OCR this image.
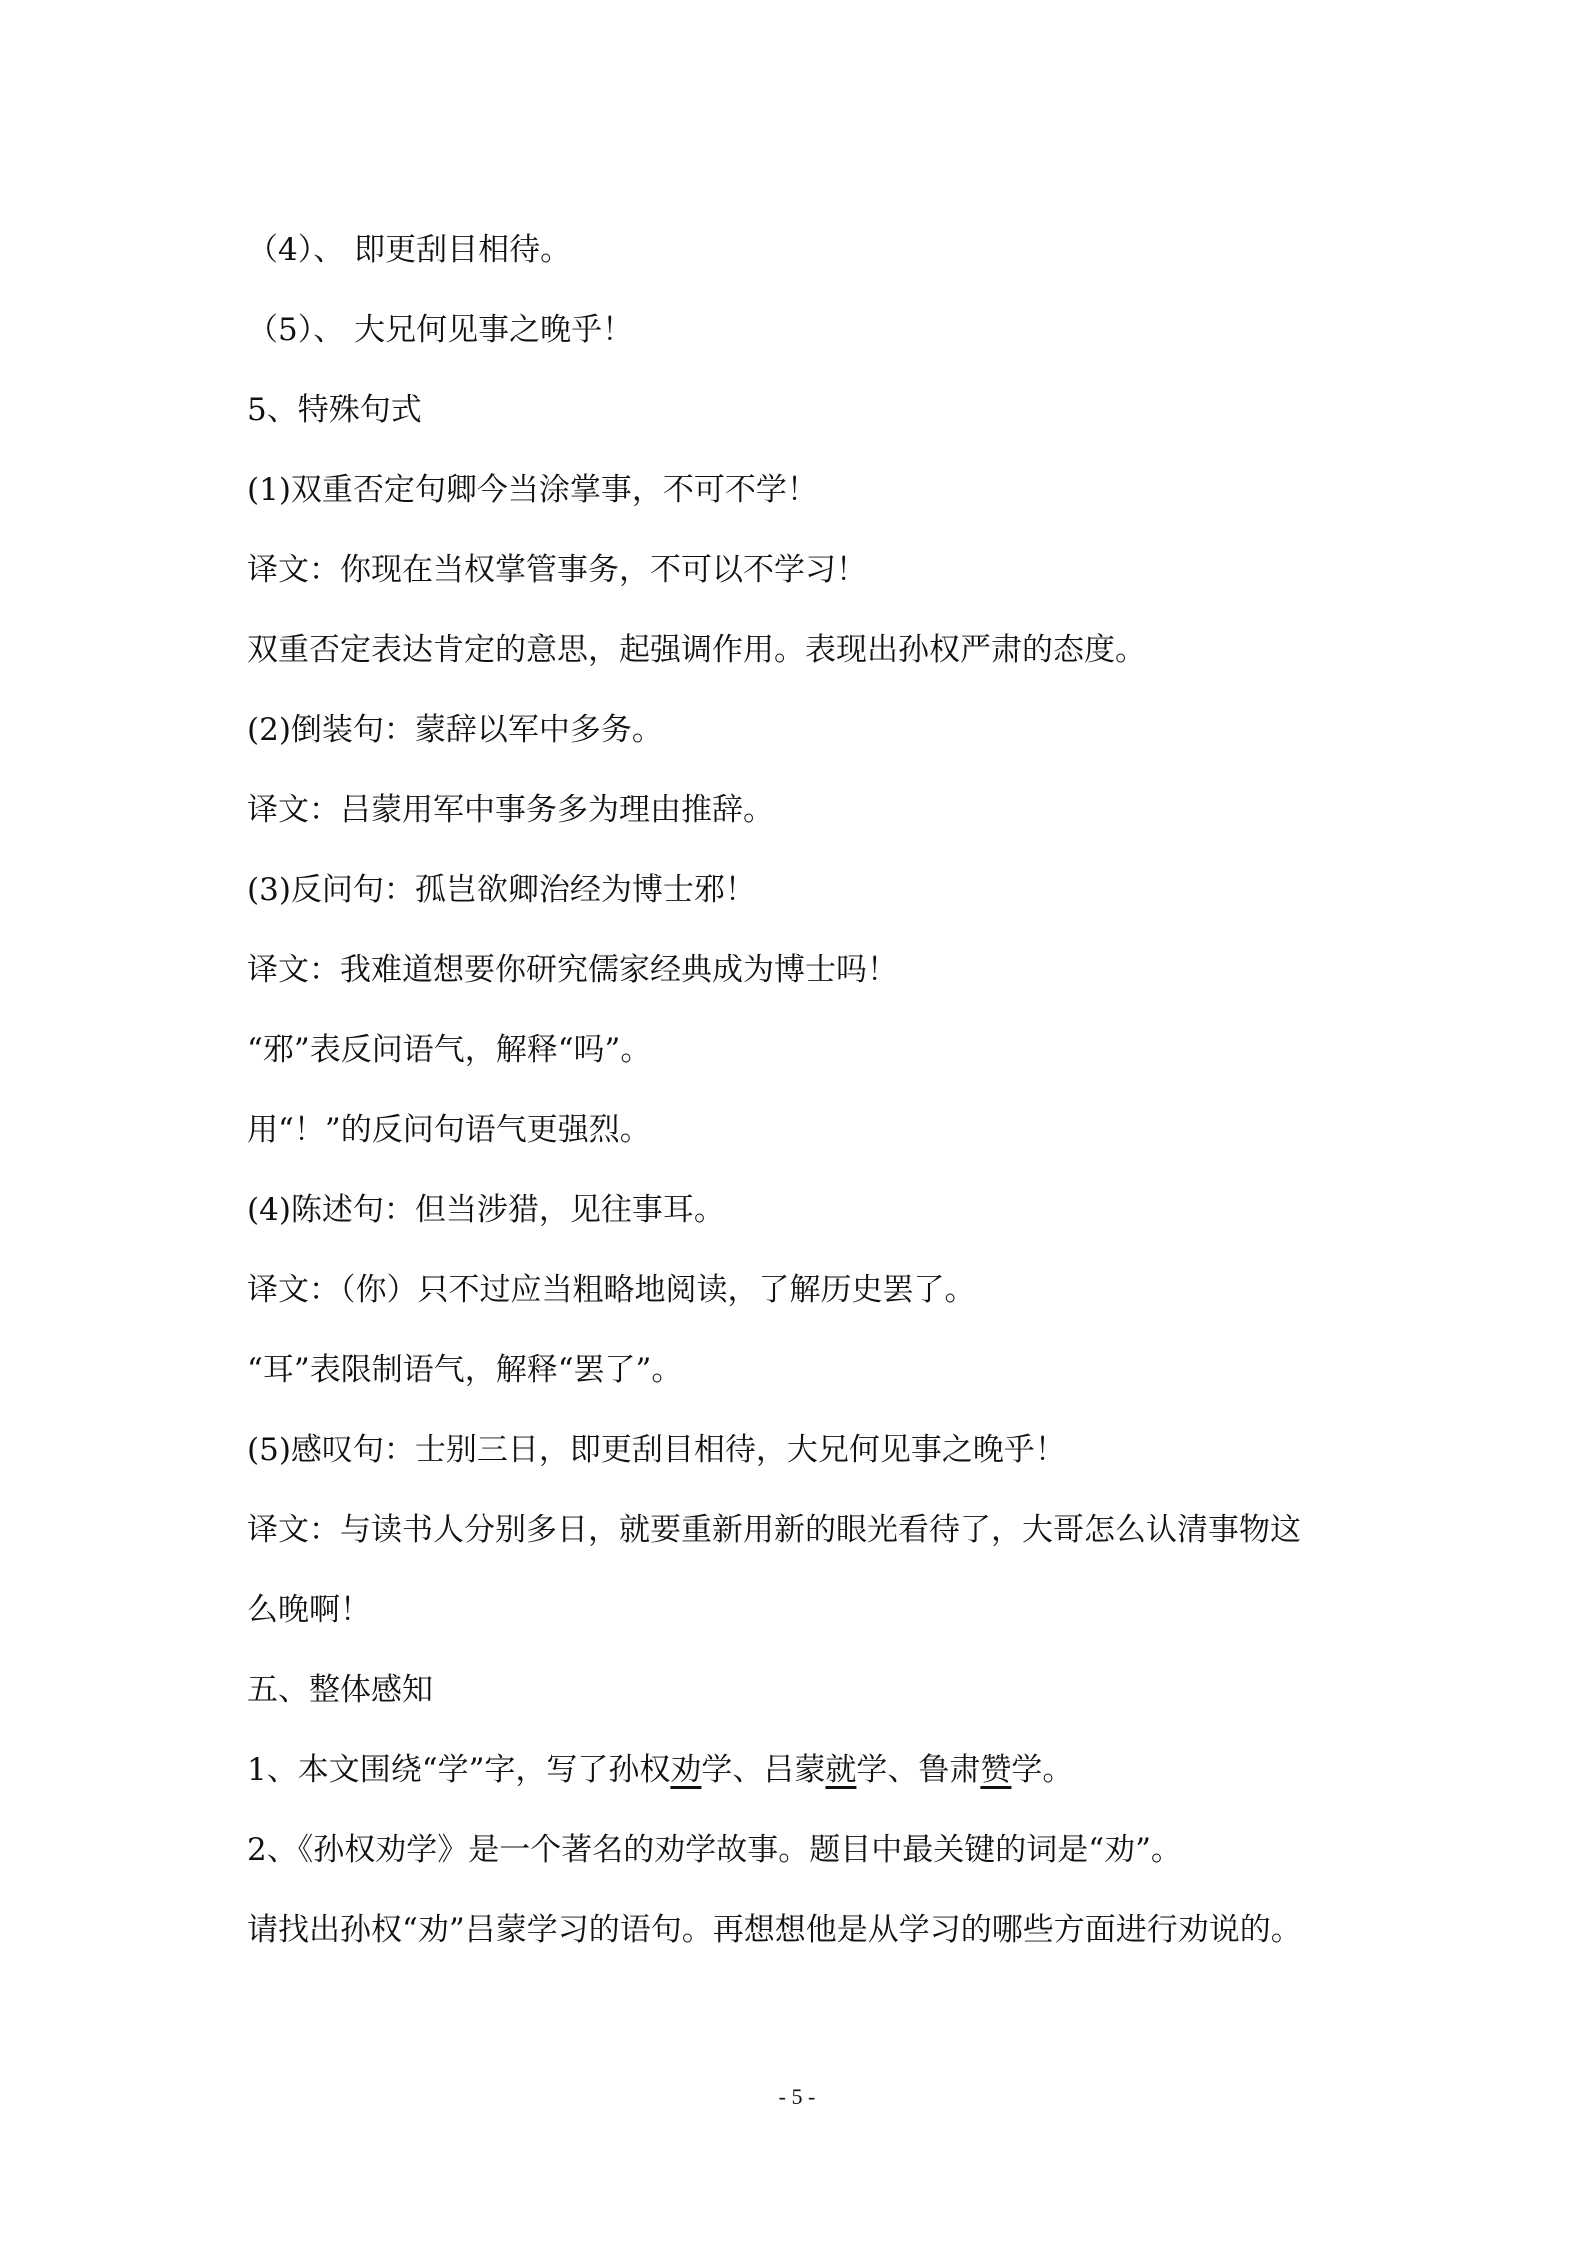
（4）、 即更刮目相待。

（5）、 大兄何见事之晚乎！

5、特殊句式

(1)双重否定句卿今当涂掌事，不可不学！

译文：你现在当权掌管事务，不可以不学习！

双重否定表达肯定的意思，起强调作用。表现出孙权严肃的态度。

(2)倒装句：蒙辞以军中多务。

译文：吕蒙用军中事务多为理由推辞。

(3)反问句：孤岂欲卿治经为博士邪！

译文：我难道想要你研究儒家经典成为博士吗！

“邪”表反问语气，解释“吗”。

用“！”的反问句语气更强烈。

(4)陈述句：但当涉猎，见往事耳。

译文：（你）只不过应当粗略地阅读，了解历史罢了。

“耳”表限制语气，解释“罢了”。

(5)感叹句：士别三日，即更刮目相待，大兄何见事之晚乎！

译文：与读书人分别多日，就要重新用新的眼光看待了，大哥怎么认清事物这

么晚啊！

五、整体感知

1、本文围绕“学”字，写了孙权劝学、吕蒙就学、鲁肃赞学。

2、《孙权劝学》是一个著名的劝学故事。题目中最关键的词是“劝”。

请找出孙权“劝”吕蒙学习的语句。再想想他是从学习的哪些方面进行劝说的。

- 5 -
